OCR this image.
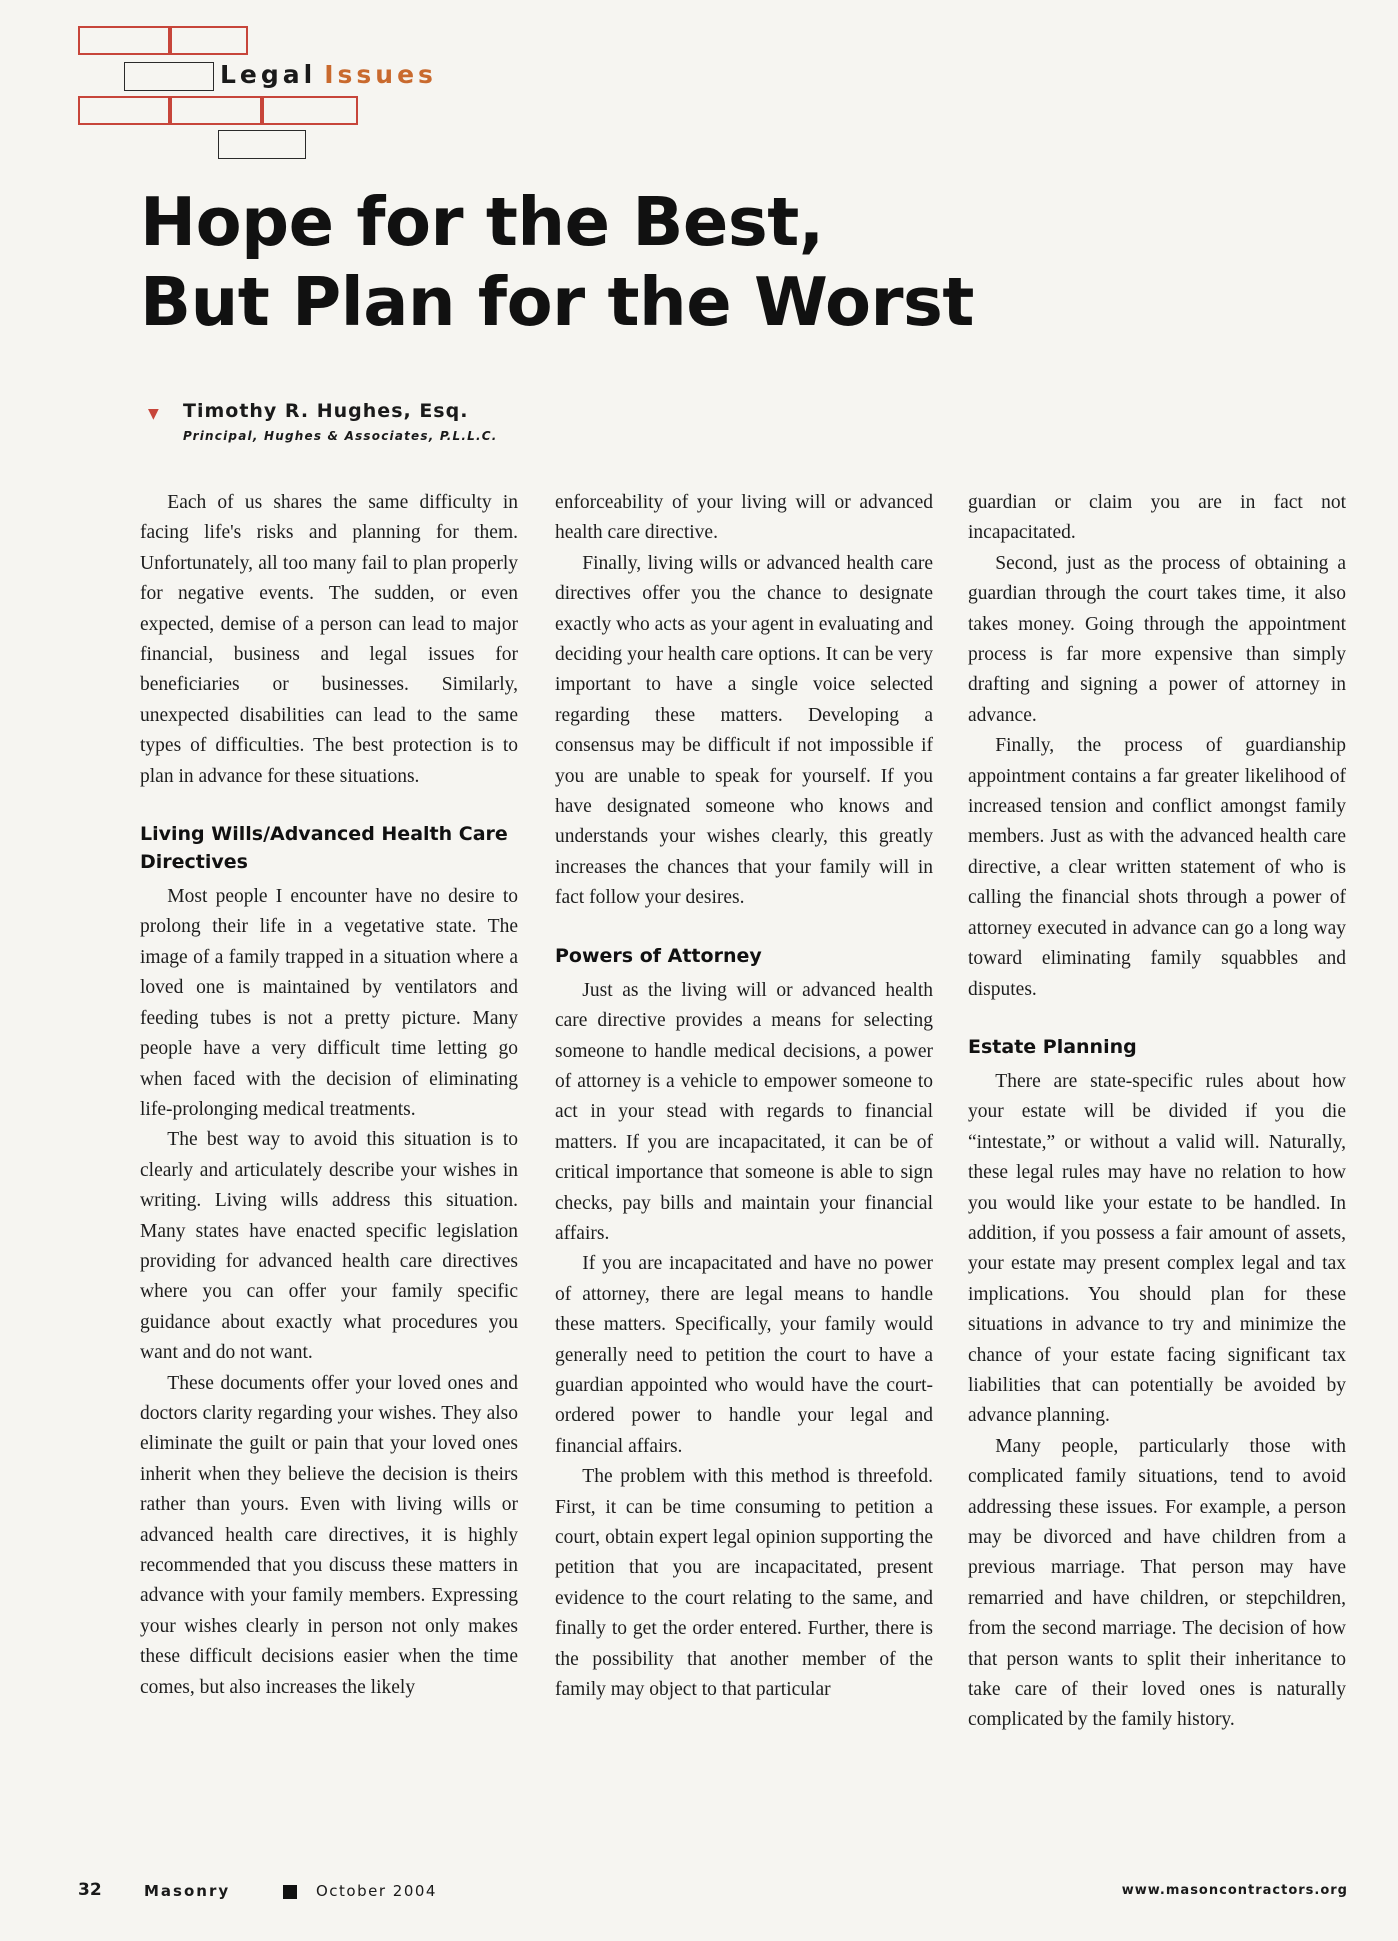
Legal Issues
Hope for the Best,
But Plan for the Worst
▼ Timothy R. Hughes, Esq.
Principal, Hughes & Associates, P.L.L.C.

Each of us shares the same difficulty in facing life's risks and planning for them. Unfortunately, all too many fail to plan properly for negative events. The sudden, or even expected, demise of a person can lead to major financial, business and legal issues for beneficiaries or businesses. Similarly, unexpected disabilities can lead to the same types of difficulties. The best protection is to plan in advance for these situations.

Living Wills/Advanced Health Care Directives

Most people I encounter have no desire to prolong their life in a vegetative state. The image of a family trapped in a situation where a loved one is maintained by ventilators and feeding tubes is not a pretty picture. Many people have a very difficult time letting go when faced with the decision of eliminating life-prolonging medical treatments.

The best way to avoid this situation is to clearly and articulately describe your wishes in writing. Living wills address this situation. Many states have enacted specific legislation providing for advanced health care directives where you can offer your family specific guidance about exactly what procedures you want and do not want.

These documents offer your loved ones and doctors clarity regarding your wishes. They also eliminate the guilt or pain that your loved ones inherit when they believe the decision is theirs rather than yours. Even with living wills or advanced health care directives, it is highly recommended that you discuss these matters in advance with your family members. Expressing your wishes clearly in person not only makes these difficult decisions easier when the time comes, but also increases the likely

enforceability of your living will or advanced health care directive.

Finally, living wills or advanced health care directives offer you the chance to designate exactly who acts as your agent in evaluating and deciding your health care options. It can be very important to have a single voice selected regarding these matters. Developing a consensus may be difficult if not impossible if you are unable to speak for yourself. If you have designated someone who knows and understands your wishes clearly, this greatly increases the chances that your family will in fact follow your desires.

Powers of Attorney

Just as the living will or advanced health care directive provides a means for selecting someone to handle medical decisions, a power of attorney is a vehicle to empower someone to act in your stead with regards to financial matters. If you are incapacitated, it can be of critical importance that someone is able to sign checks, pay bills and maintain your financial affairs.

If you are incapacitated and have no power of attorney, there are legal means to handle these matters. Specifically, your family would generally need to petition the court to have a guardian appointed who would have the court-ordered power to handle your legal and financial affairs.

The problem with this method is threefold. First, it can be time consuming to petition a court, obtain expert legal opinion supporting the petition that you are incapacitated, present evidence to the court relating to the same, and finally to get the order entered. Further, there is the possibility that another member of the family may object to that particular

guardian or claim you are in fact not incapacitated.

Second, just as the process of obtaining a guardian through the court takes time, it also takes money. Going through the appointment process is far more expensive than simply drafting and signing a power of attorney in advance.

Finally, the process of guardianship appointment contains a far greater likelihood of increased tension and conflict amongst family members. Just as with the advanced health care directive, a clear written statement of who is calling the financial shots through a power of attorney executed in advance can go a long way toward eliminating family squabbles and disputes.

Estate Planning

There are state-specific rules about how your estate will be divided if you die “intestate,” or without a valid will. Naturally, these legal rules may have no relation to how you would like your estate to be handled. In addition, if you possess a fair amount of assets, your estate may present complex legal and tax implications. You should plan for these situations in advance to try and minimize the chance of your estate facing significant tax liabilities that can potentially be avoided by advance planning.

Many people, particularly those with complicated family situations, tend to avoid addressing these issues. For example, a person may be divorced and have children from a previous marriage. That person may have remarried and have children, or stepchildren, from the second marriage. The decision of how that person wants to split their inheritance to take care of their loved ones is naturally complicated by the family history.

32	Masonry	October 2004	www.masoncontractors.org
